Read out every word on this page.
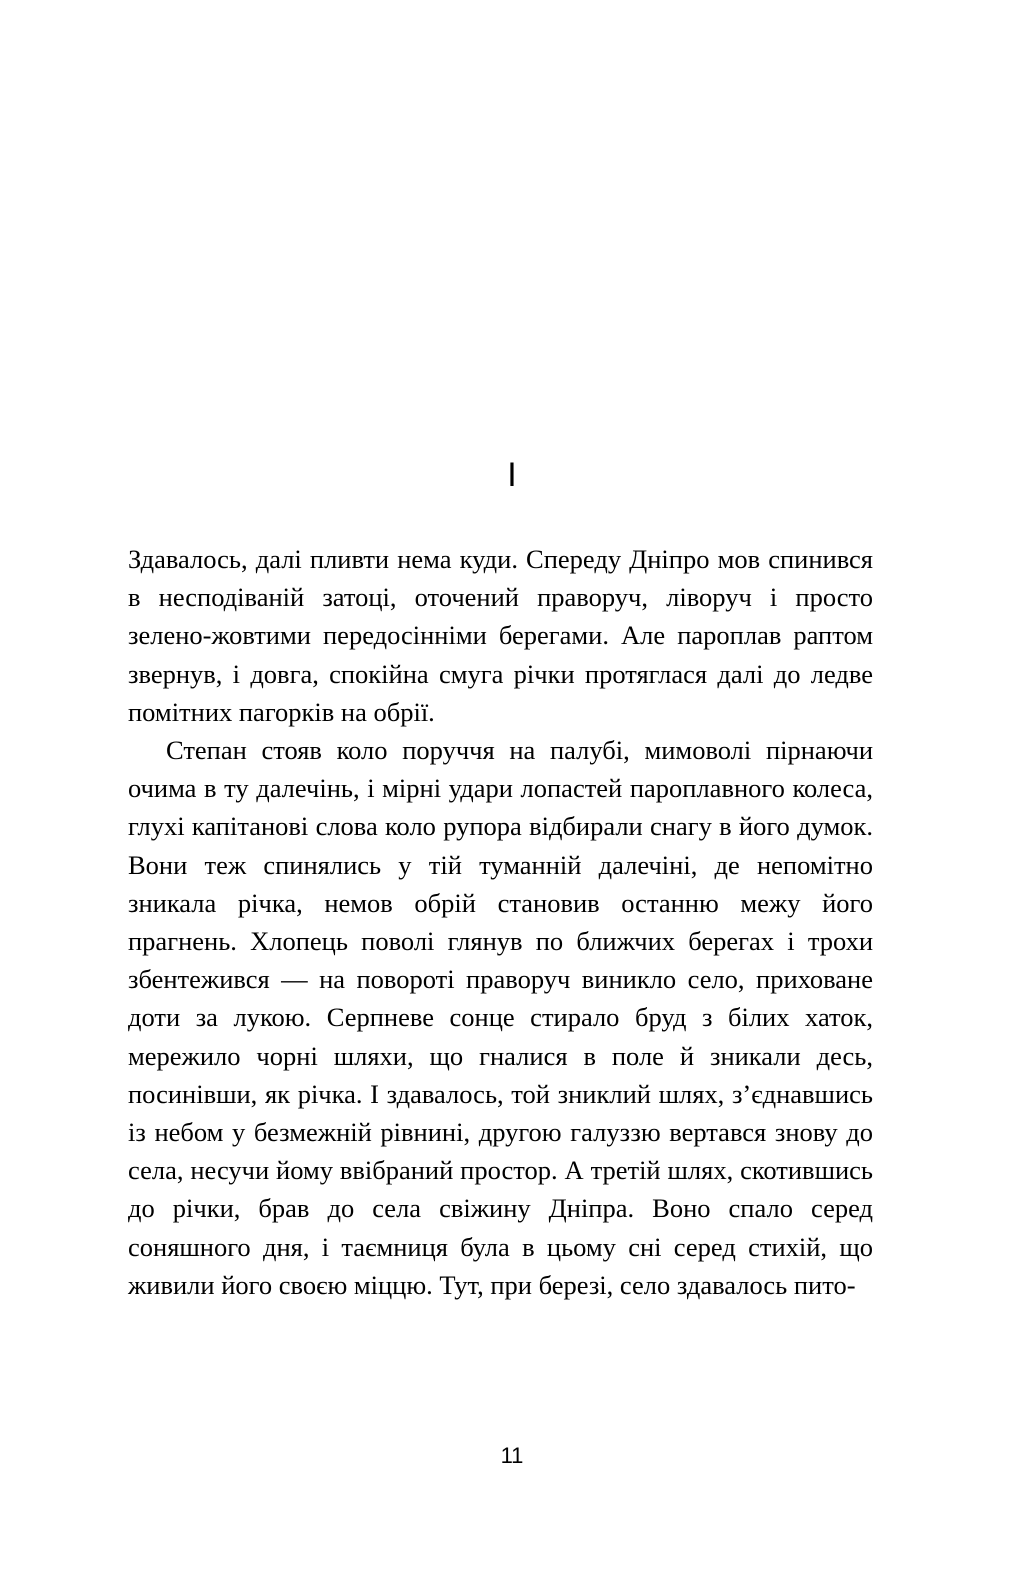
I

Здавалось, далі пливти нема куди. Спереду Дніпро мов спинився в несподіваній затоці, оточений праворуч, ліворуч і просто зелено-жовтими передосінніми берегами. Але пароплав раптом звернув, і довга, спокійна смуга річки протяглася далі до ледве помітних пагорків на обрії.

Степан стояв коло поруччя на палубі, мимоволі пірнаючи очима в ту далечінь, і мірні удари лопастей пароплавного колеса, глухі капітанові слова коло рупора відбирали снагу в його думок. Вони теж спинялись у тій туманній далечіні, де непомітно зникала річка, немов обрій становив останню межу його прагнень. Хлопець поволі глянув по ближчих берегах і трохи збентежився — на повороті праворуч виникло село, приховане доти за лукою. Серпневе сонце стирало бруд з білих хаток, мережило чорні шляхи, що гналися в поле й зникали десь, посинівши, як річка. І здавалось, той зниклий шлях, з’єднавшись із небом у безмежній рівнині, другою галуззю вертався знову до села, несучи йому ввібраний простор. А третій шлях, скотившись до річки, брав до села свіжину Дніпра. Воно спало серед соняшного дня, і таємниця була в цьому сні серед стихій, що живили його своєю міццю. Тут, при березі, село здавалось пито-

11
